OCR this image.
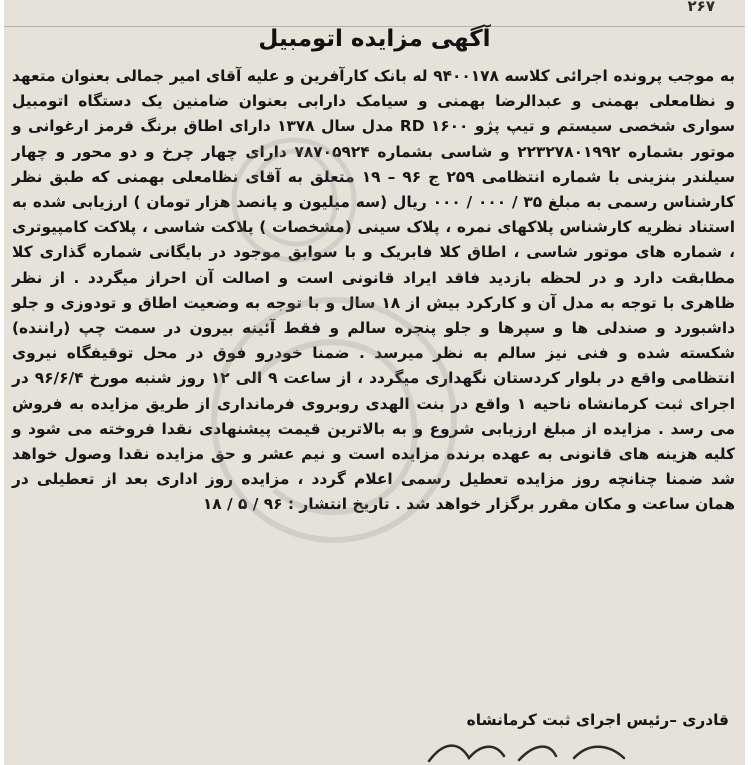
۲۶۷
آگهی مزایده اتومبیل

به موجب پرونده اجرائی کلاسه ۹۴۰۰۱۷۸ له بانک کارآفرین و علیه آقای امیر جمالی بعنوان متعهد و نظامعلی بهمنی و عبدالرضا بهمنی و سیامک دارابی بعنوان ضامنین یک دستگاه اتومبیل سواری شخصی سیستم و تیپ پژو RD ۱۶۰۰ مدل سال ۱۳۷۸ دارای اطاق برنگ قرمز ارغوانی و موتور بشماره ۲۲۳۲۷۸۰۱۹۹۲ و شاسی بشماره ۷۸۷۰۵۹۲۴ دارای چهار چرخ و دو محور و چهار سیلندر بنزینی با شماره انتظامی ۲۵۹ ج ۹۶ – ۱۹ متعلق به آقای نظامعلی بهمنی که طبق نظر کارشناس رسمی به مبلغ ۳۵ / ۰۰۰ / ۰۰۰ ریال (سه میلیون و پانصد هزار تومان ) ارزیابی شده به استناد نظریه کارشناس پلاکهای نمره ، پلاک سینی (مشخصات ) پلاکت شاسی ، پلاکت کامپیوتری ، شماره های موتور شاسی ، اطاق کلا فابریک و با سوابق موجود در بایگانی شماره گذاری کلا مطابقت دارد و در لحظه بازدید فاقد ایراد قانونی است و اصالت آن احراز میگردد . از نظر ظاهری با توجه به مدل آن و کارکرد بیش از ۱۸ سال و با توجه به وضعیت اطاق و تودوزی و جلو داشبورد و صندلی ها و سپرها و جلو پنجره سالم و فقط آئینه بیرون در سمت چپ (راننده) شکسته شده و فنی نیز سالم به نظر میرسد . ضمنا خودرو فوق در محل توقیفگاه نیروی انتظامی واقع در بلوار کردستان نگهداری میگردد ، از ساعت ۹ الی ۱۲ روز شنبه مورخ ۹۶/۶/۴ در اجرای ثبت کرمانشاه ناحیه ۱ واقع در بنت الهدی روبروی فرمانداری از طریق مزایده به فروش می رسد . مزایده از مبلغ ارزیابی شروع و به بالاترین قیمت پیشنهادی نقدا فروخته می شود و کلیه هزینه های قانونی به عهده برنده مزایده است و نیم عشر و حق مزایده نقدا وصول خواهد شد ضمنا چنانچه روز مزایده تعطیل رسمی اعلام گردد ، مزایده روز اداری بعد از تعطیلی در همان ساعت و مکان مقرر برگزار خواهد شد . تاریخ انتشار : ۹۶ / ۵ / ۱۸

قادری –رئیس اجرای ثبت کرمانشاه
